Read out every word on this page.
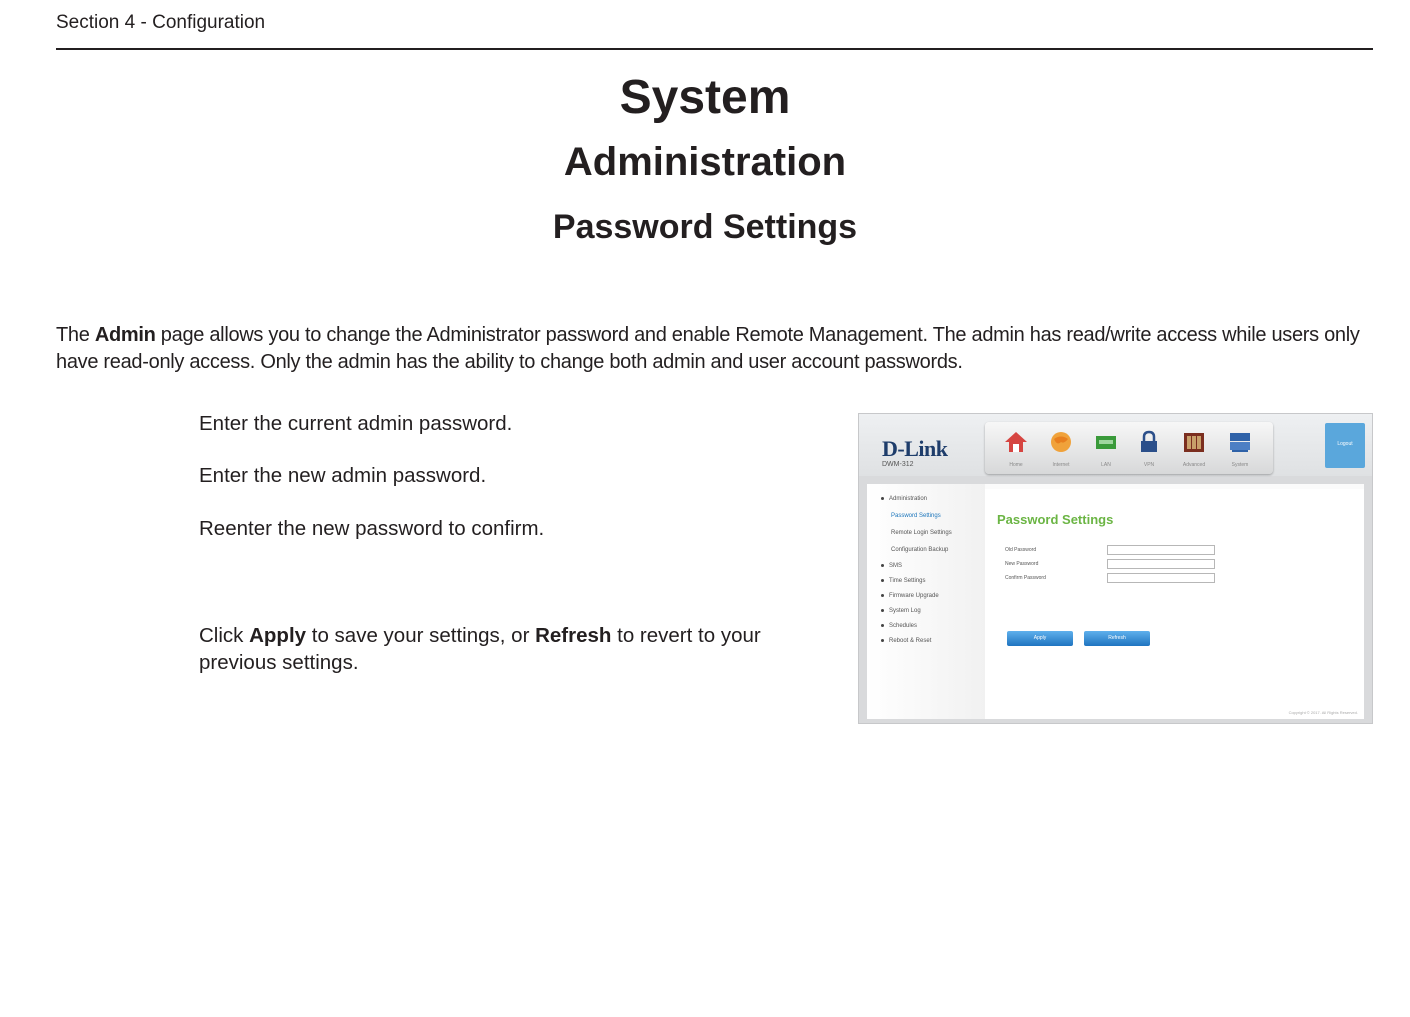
Section 4 - Configuration
System
Administration
Password Settings

The Admin page allows you to change the Administrator password and enable Remote Management. The admin has read/write access while users only have read-only access. Only the admin has the ability to change both admin and user account passwords.

Enter the current admin password.
Enter the new admin password.
Reenter the new password to confirm.

Click Apply to save your settings, or Refresh to revert to your previous settings.

D-Link
DWM-312	Home	Internet	LAN	VPN	Advanced	System
Logout
Administration
Password Settings
Remote Login Settings
Configuration Backup
SMS
Time Settings
Firmware Upgrade
System Log
Schedules
Reboot & Reset
Password Settings
Old Password
New Password
Confirm Password
Apply	Refresh
Copyright © 2017. All Rights Reserved.
